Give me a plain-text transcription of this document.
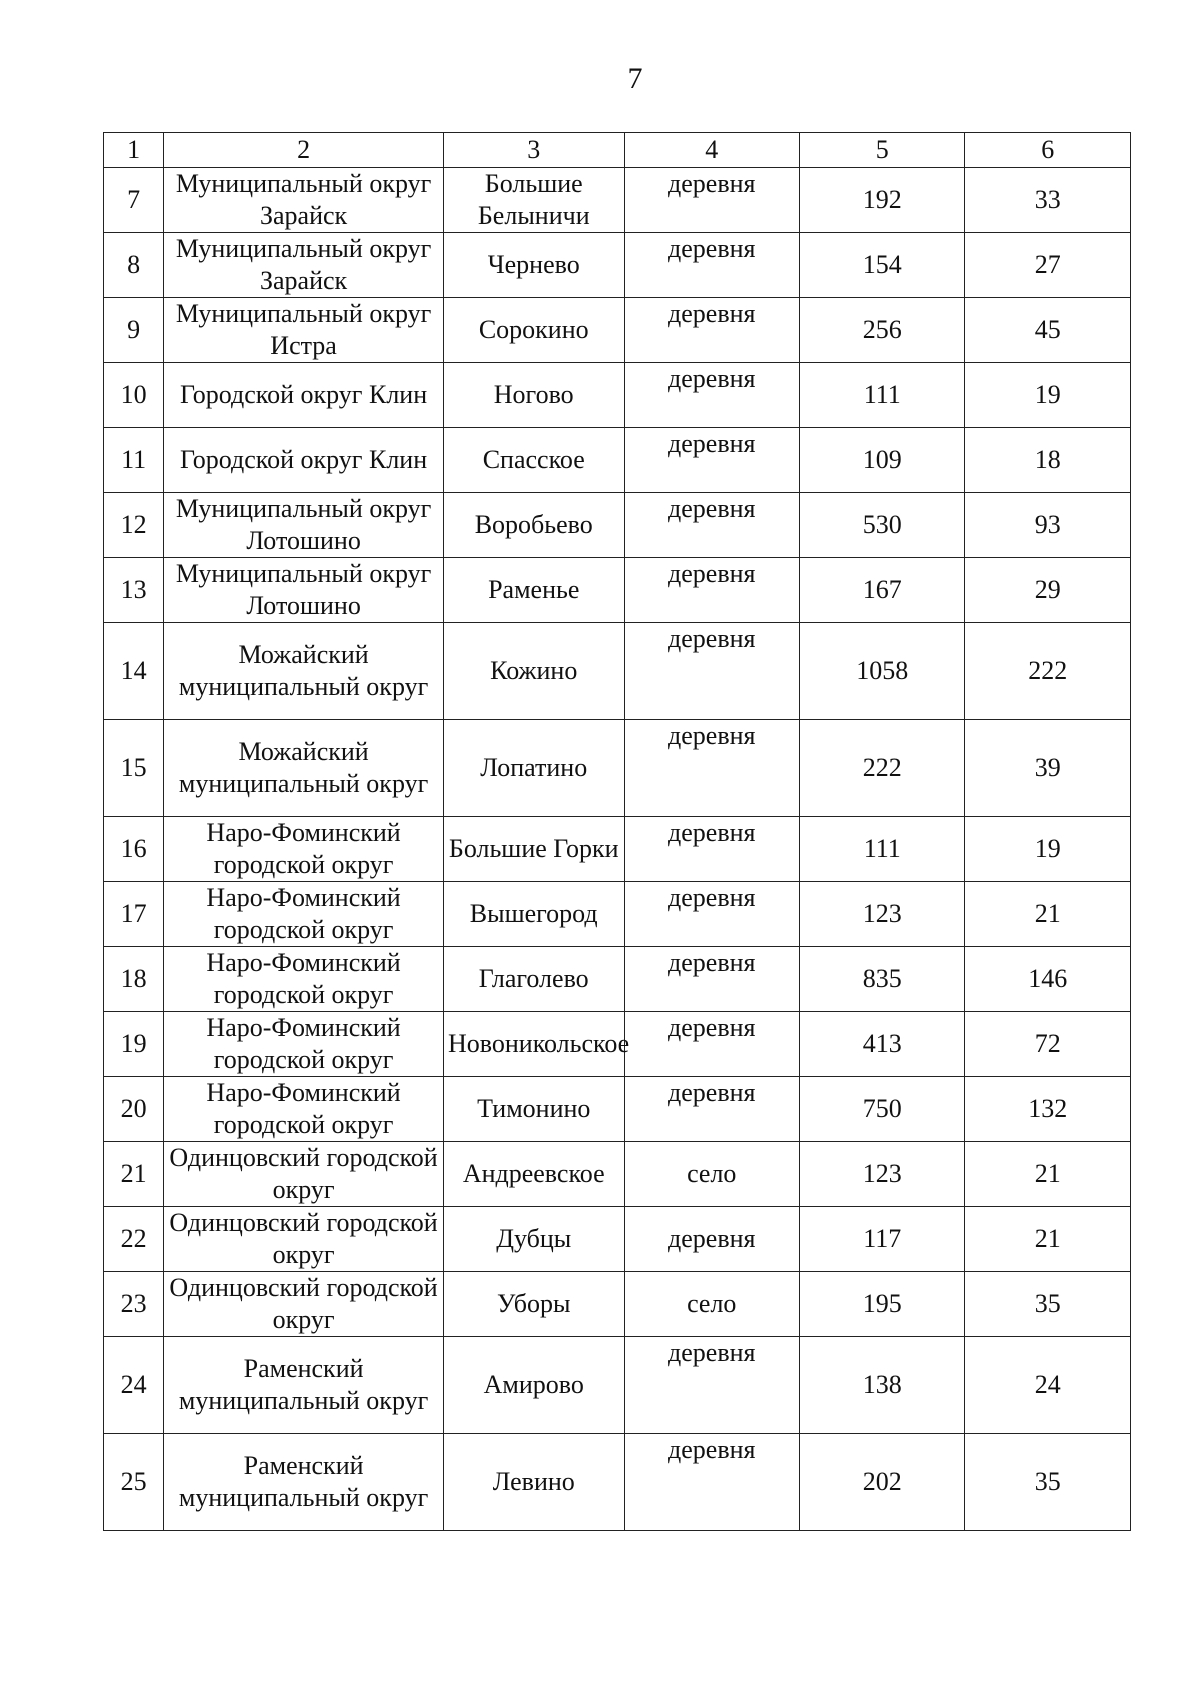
7
1	2	3	4	5	6
7	Муниципальный округ Зарайск	Большие Белыничи	деревня	192	33
8	Муниципальный округ Зарайск	Чернево	деревня	154	27
9	Муниципальный округ Истра	Сорокино	деревня	256	45
10	Городской округ Клин	Ногово	деревня	111	19
11	Городской округ Клин	Спасское	деревня	109	18
12	Муниципальный округ Лотошино	Воробьево	деревня	530	93
13	Муниципальный округ Лотошино	Раменье	деревня	167	29
14	Можайский муниципальный округ	Кожино	деревня	1058	222
15	Можайский муниципальный округ	Лопатино	деревня	222	39
16	Наро-Фоминский городской округ	Большие Горки	деревня	111	19
17	Наро-Фоминский городской округ	Вышегород	деревня	123	21
18	Наро-Фоминский городской округ	Глаголево	деревня	835	146
19	Наро-Фоминский городской округ	Новоникольское	деревня	413	72
20	Наро-Фоминский городской округ	Тимонино	деревня	750	132
21	Одинцовский городской округ	Андреевское	село	123	21
22	Одинцовский городской округ	Дубцы	деревня	117	21
23	Одинцовский городской округ	Уборы	село	195	35
24	Раменский муниципальный округ	Амирово	деревня	138	24
25	Раменский муниципальный округ	Левино	деревня	202	35
